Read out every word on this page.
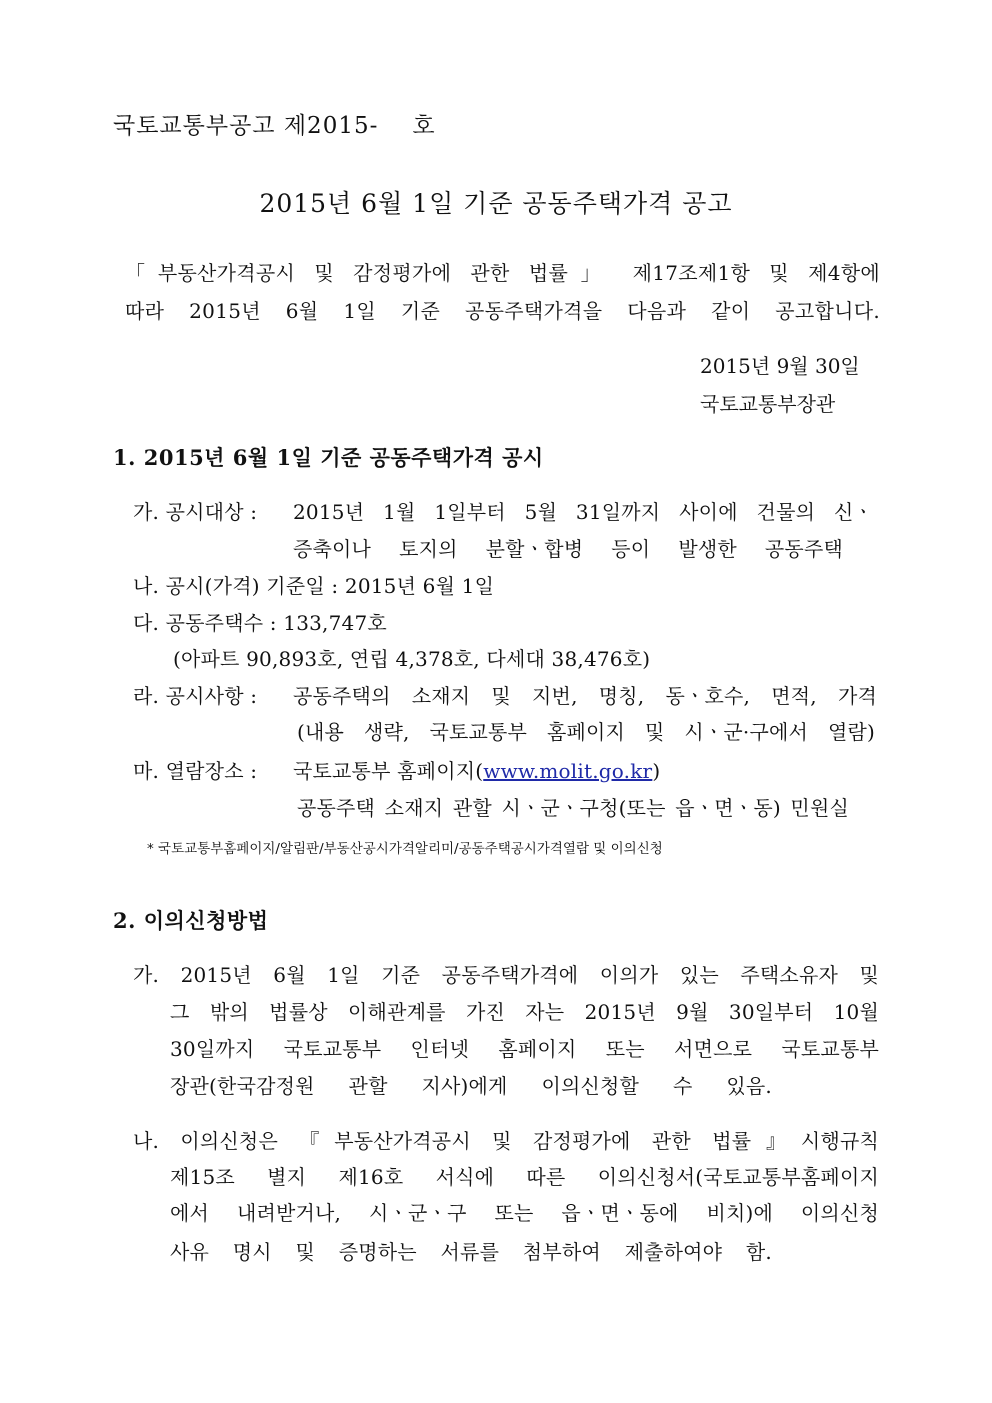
국토교통부공고 제2015- 호
2015년 6월 1일 기준 공동주택가격 공고
「부동산가격공시 및 감정평가에 관한 법률」 제17조제1항 및 제4항에
따라 2015년 6월 1일 기준 공동주택가격을 다음과 같이 공고합니다.
2015년 9월 30일
국토교통부장관
1. 2015년 6월 1일 기준 공동주택가격 공시
가. 공시대상 : 2015년 1월 1일부터 5월 31일까지 사이에 건물의 신ㆍ
증축이나 토지의 분할ㆍ합병 등이 발생한 공동주택
나. 공시(가격) 기준일 : 2015년 6월 1일
다. 공동주택수 : 133,747호
(아파트 90,893호, 연립 4,378호, 다세대 38,476호)
라. 공시사항 : 공동주택의 소재지 및 지번, 명칭, 동ㆍ호수, 면적, 가격
(내용 생략, 국토교통부 홈페이지 및 시ㆍ군·구에서 열람)
마. 열람장소 : 국토교통부 홈페이지(www.molit.go.kr)
공동주택 소재지 관할 시ㆍ군ㆍ구청(또는 읍ㆍ면ㆍ동) 민원실
* 국토교통부홈페이지/알림판/부동산공시가격알리미/공동주택공시가격열람 및 이의신청
2. 이의신청방법
가. 2015년 6월 1일 기준 공동주택가격에 이의가 있는 주택소유자 및
그 밖의 법률상 이해관계를 가진 자는 2015년 9월 30일부터 10월
30일까지 국토교통부 인터넷 홈페이지 또는 서면으로 국토교통부
장관(한국감정원 관할 지사)에게 이의신청할 수 있음.
나. 이의신청은 『부동산가격공시 및 감정평가에 관한 법률』시행규칙
제15조 별지 제16호 서식에 따른 이의신청서(국토교통부홈페이지
에서 내려받거나, 시ㆍ군ㆍ구 또는 읍ㆍ면ㆍ동에 비치)에 이의신청
사유 명시 및 증명하는 서류를 첨부하여 제출하여야 함.
